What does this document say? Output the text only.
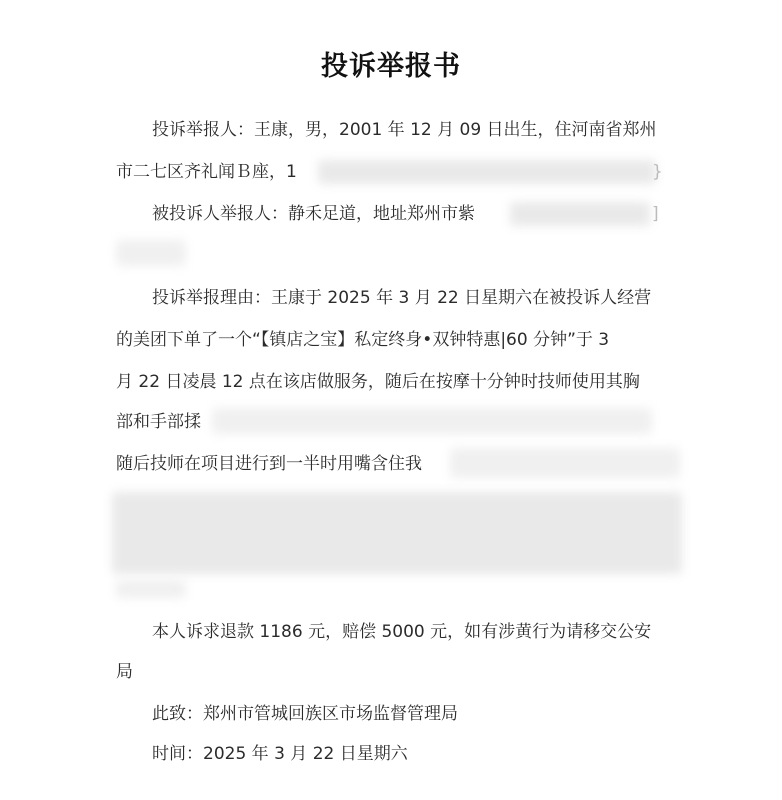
投诉举报书
投诉举报人：王康，男，2001 年 12 月 09 日出生，住河南省郑州
市二七区齐礼闻Ｂ座，1	}
被投诉人举报人：静禾足道，地址郑州市紫	]
投诉举报理由：王康于 2025 年 3 月 22 日星期六在被投诉人经营
的美团下单了一个“【镇店之宝】私定终身•双钟特惠|60 分钟”于 3
月 22 日凌晨 12 点在该店做服务，随后在按摩十分钟时技师使用其胸
部和手部揉
随后技师在项目进行到一半时用嘴含住我
本人诉求退款 1186 元，赔偿 5000 元，如有涉黄行为请移交公安
局
此致：郑州市管城回族区市场监督管理局
时间：2025 年 3 月 22 日星期六
